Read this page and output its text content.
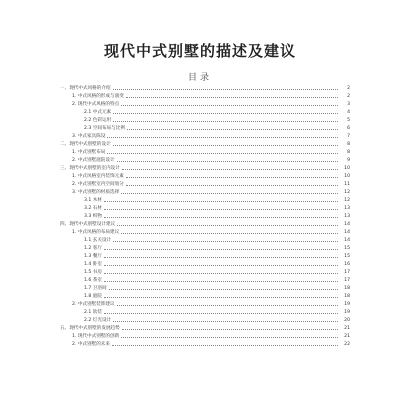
现代中式别墅的描述及建议
目录
一、现代中式风格的介绍	2
1. 中式风格的形成与演变	2
2. 现代中式风格的特点	3
2.1 中式元素	4
2.2 色彩运用	5
2.3 空间布局与比例	6
3. 中式家具陈设	7
二、现代中式别墅的设计	8
1. 中式别墅布局	8
2. 中式别墅庭院设计	9
三、现代中式别墅的室内设计	10
1. 中式风格室内装饰元素	10
2. 中式别墅室内空间划分	11
3. 中式别墅的材质选择	12
3.1 木材	12
3.2 石材	13
3.3 织物	13
四、现代中式别墅设计建议	14
1. 中式风格的布局建议	14
1.1 玄关设计	14
1.2 客厅	15
1.3 餐厅	15
1.4 卧室	16
1.5 书房	17
1.6 茶室	17
1.7 卫浴间	18
1.8 庭院	18
2. 中式别墅装饰建议	19
2.1 软装	19
2.2 灯光设计	20
五、现代中式别墅的发展趋势	21
1. 现代中式别墅的创新	21
2. 中式别墅的未来	22
